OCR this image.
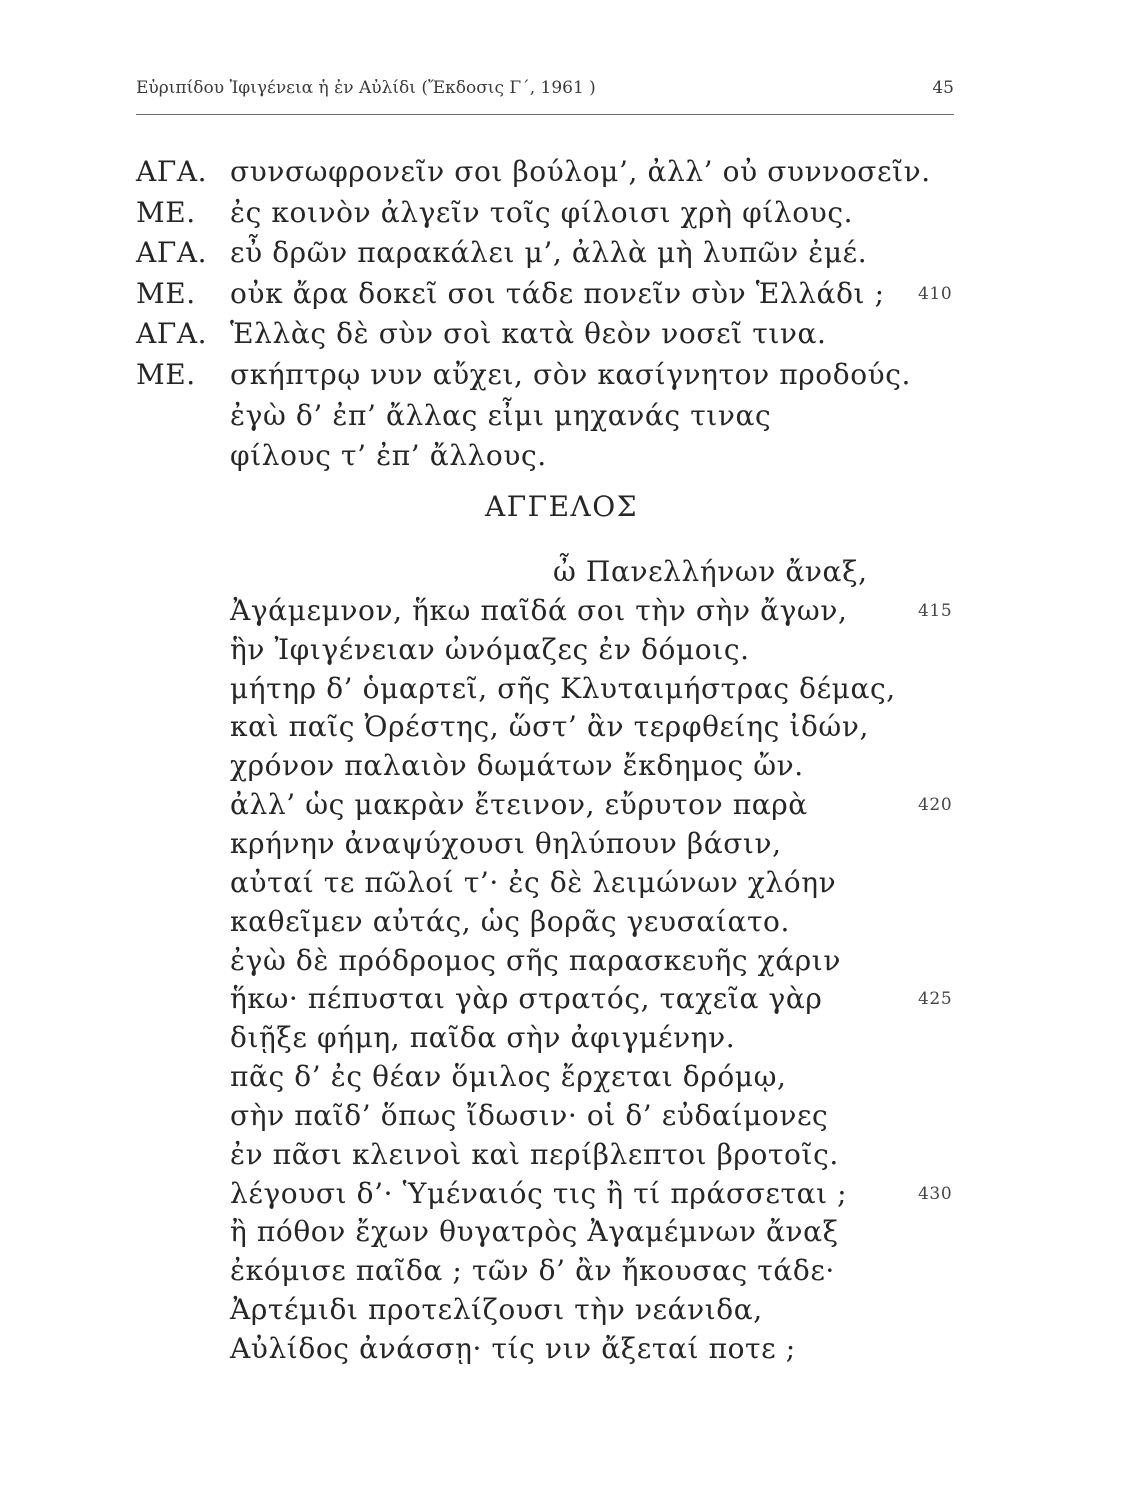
Εὐριπίδου Ἰφιγένεια ἡ ἐν Αὐλίδι (Ἔκδοσις Γ΄, 1961 )	45
ΑΓΑ. συνσωφρονεῖν σοι βούλομ’, ἀλλ’ οὐ συννοσεῖν.
ΜΕ. ἐς κοινὸν ἀλγεῖν τοῖς φίλοισι χρὴ φίλους.
ΑΓΑ. εὖ δρῶν παρακάλει μ’, ἀλλὰ μὴ λυπῶν ἐμέ.
ΜΕ. οὐκ ἄρα δοκεῖ σοι τάδε πονεῖν σὺν Ἑλλάδι ; 410
ΑΓΑ. Ἑλλὰς δὲ σὺν σοὶ κατὰ θεὸν νοσεῖ τινα.
ΜΕ. σκήπτρῳ νυν αὔχει, σὸν κασίγνητον προδούς.
ἐγὼ δ’ ἐπ’ ἄλλας εἶμι μηχανάς τινας
φίλους τ’ ἐπ’ ἄλλους.
ΑΓΓΕΛΟΣ
ὦ Πανελλήνων ἄναξ,
Ἀγάμεμνον, ἥκω παῖδά σοι τὴν σὴν ἄγων,	415
ἣν Ἰφιγένειαν ὠνόμαζες ἐν δόμοις.
μήτηρ δ’ ὁμαρτεῖ, σῆς Κλυταιμήστρας δέμας,
καὶ παῖς Ὀρέστης, ὥστ’ ἂν τερφθείης ἰδών,
χρόνον παλαιὸν δωμάτων ἔκδημος ὤν.
ἀλλ’ ὡς μακρὰν ἔτεινον, εὔρυτον παρὰ	420
κρήνην ἀναψύχουσι θηλύπουν βάσιν,
αὐταί τε πῶλοί τ’· ἐς δὲ λειμώνων χλόην
καθεῖμεν αὐτάς, ὡς βορᾶς γευσαίατο.
ἐγὼ δὲ πρόδρομος σῆς παρασκευῆς χάριν
ἥκω· πέπυσται γὰρ στρατός, ταχεῖα γὰρ	425
διῇξε φήμη, παῖδα σὴν ἀφιγμένην.
πᾶς δ’ ἐς θέαν ὅμιλος ἔρχεται δρόμῳ,
σὴν παῖδ’ ὅπως ἴδωσιν· οἱ δ’ εὐδαίμονες
ἐν πᾶσι κλεινοὶ καὶ περίβλεπτοι βροτοῖς.
λέγουσι δ’· Ὑμέναιός τις ἢ τί πράσσεται ;	430
ἢ πόθον ἔχων θυγατρὸς Ἀγαμέμνων ἄναξ
ἐκόμισε παῖδα ; τῶν δ’ ἂν ἤκουσας τάδε·
Ἀρτέμιδι προτελίζουσι τὴν νεάνιδα,
Αὐλίδος ἀνάσσῃ· τίς νιν ἄξεταί ποτε ;
